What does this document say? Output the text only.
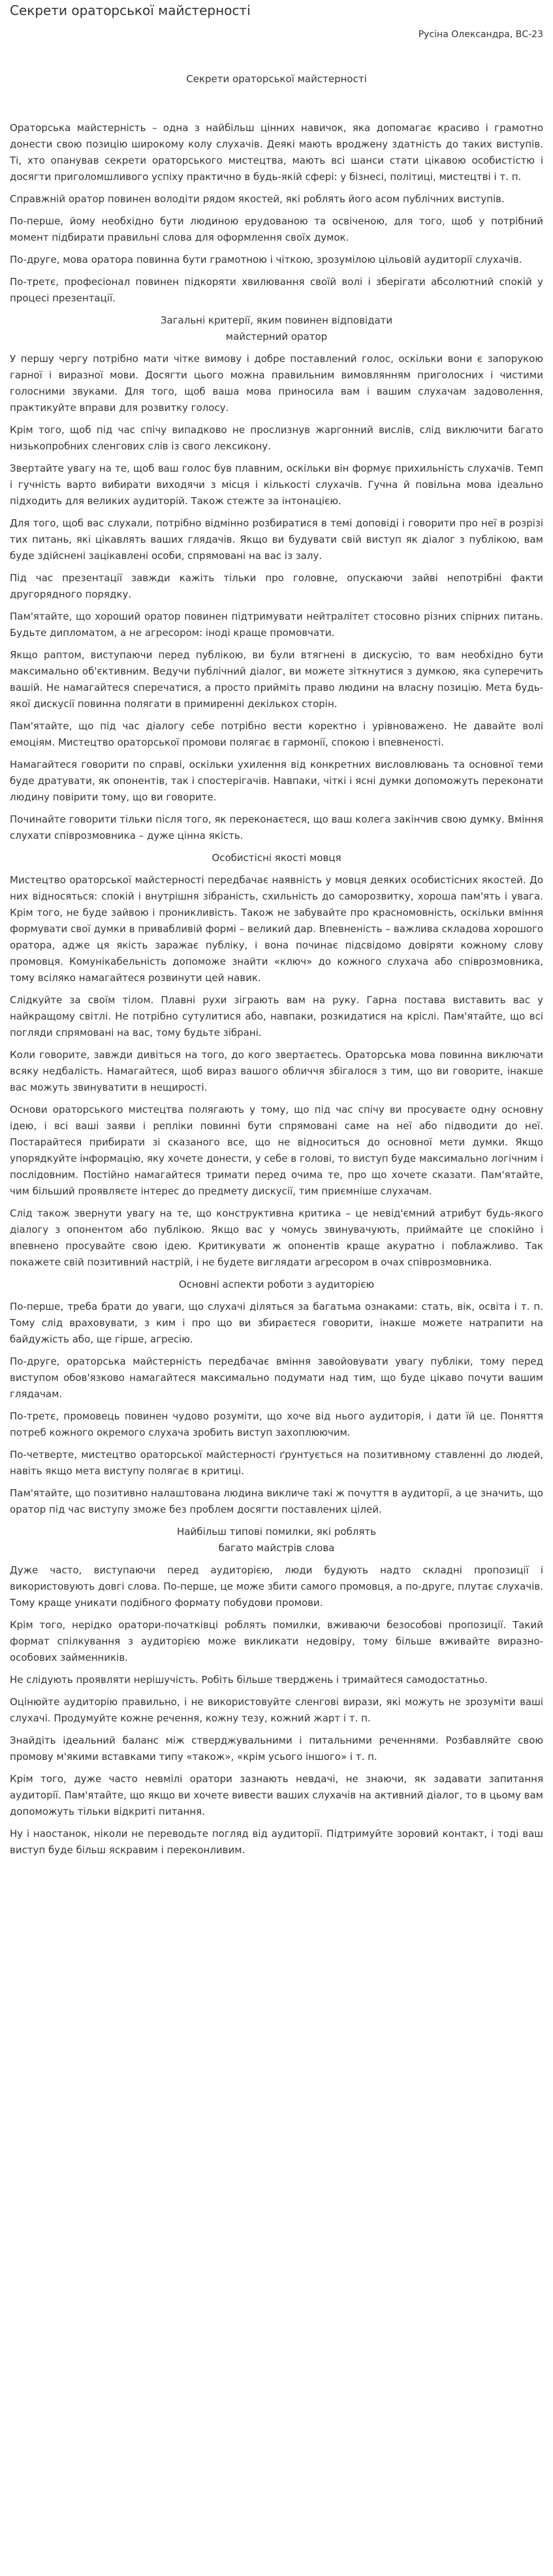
Секрети ораторської майстерності
Русіна Олександра, ВС-23
Секрети ораторської майстерності

Ораторська майстерність – одна з найбільш цінних навичок, яка допомагає красиво і грамотно донести свою позицію широкому колу слухачів. Деякі мають вроджену здатність до таких виступів. Ті, хто опанував секрети ораторського мистецтва, мають всі шанси стати цікавою особистістю і досягти приголомшливого успіху практично в будь-якій сфері: у бізнесі, політиці, мистецтві і т. п.

Справжній оратор повинен володіти рядом якостей, які роблять його асом публічних виступів.

По-перше, йому необхідно бути людиною ерудованою та освіченою, для того, щоб у потрібний момент підбирати правильні слова для оформлення своїх думок.

По-друге, мова оратора повинна бути грамотною і чіткою, зрозумілою цільовій аудиторії слухачів.

По-третє, професіонал повинен підкоряти хвилювання своїй волі і зберігати абсолютний спокій у процесі презентації.

Загальні критерії, яким повинен відповідати
майстерний оратор

У першу чергу потрібно мати чітке вимову і добре поставлений голос, оскільки вони є запорукою гарної і виразної мови. Досягти цього можна правильним вимовлянням приголосних і чистими голосними звуками. Для того, щоб ваша мова приносила вам і вашим слухачам задоволення, практикуйте вправи для розвитку голосу.

Крім того, щоб під час спічу випадково не прослизнув жаргонний вислів, слід виключити багато низькопробних сленгових слів із свого лексикону.

Звертайте увагу на те, щоб ваш голос був плавним, оскільки він формує прихильність слухачів. Темп і гучність варто вибирати виходячи з місця і кількості слухачів. Гучна й повільна мова ідеально підходить для великих аудиторій. Також стежте за інтонацією.

Для того, щоб вас слухали, потрібно відмінно розбиратися в темі доповіді і говорити про неї в розрізі тих питань, які цікавлять ваших глядачів. Якщо ви будувати свій виступ як діалог з публікою, вам буде здійснені зацікавлені особи, спрямовані на вас із залу.

Під час презентації завжди кажіть тільки про головне, опускаючи зайві непотрібні факти другорядного порядку.

Пам'ятайте, що хороший оратор повинен підтримувати нейтралітет стосовно різних спірних питань. Будьте дипломатом, а не агресором: іноді краще промовчати.

Якщо раптом, виступаючи перед публікою, ви були втягнені в дискусію, то вам необхідно бути максимально об'єктивним. Ведучи публічний діалог, ви можете зіткнутися з думкою, яка суперечить вашій. Не намагайтеся сперечатися, а просто прийміть право людини на власну позицію. Мета будь-якої дискусії повинна полягати в примиренні декількох сторін.

Пам'ятайте, що під час діалогу себе потрібно вести коректно і урівноважено. Не давайте волі емоціям. Мистецтво ораторської промови полягає в гармонії, спокою і впевненості.

Намагайтеся говорити по справі, оскільки ухилення від конкретних висловлювань та основної теми буде дратувати, як опонентів, так і спостерігачів. Навпаки, чіткі і ясні думки допоможуть переконати людину повірити тому, що ви говорите.

Починайте говорити тільки після того, як переконаєтеся, що ваш колега закінчив свою думку. Вміння слухати співрозмовника – дуже цінна якість.

Особистісні якості мовця

Мистецтво ораторської майстерності передбачає наявність у мовця деяких особистісних якостей. До них відносяться: спокій і внутрішня зібраність, схильність до саморозвитку, хороша пам'ять і увага. Крім того, не буде зайвою і проникливість. Також не забувайте про красномовність, оскільки вміння формувати свої думки в привабливій формі – великий дар. Впевненість – важлива складова хорошого оратора, адже ця якість заражає публіку, і вона починає підсвідомо довіряти кожному слову промовця. Комунікабельність допоможе знайти «ключ» до кожного слухача або співрозмовника, тому всіляко намагайтеся розвинути цей навик.

Слідкуйте за своїм тілом. Плавні рухи зіграють вам на руку. Гарна постава виставить вас у найкращому світлі. Не потрібно сутулитися або, навпаки, розкидатися на кріслі. Пам'ятайте, що всі погляди спрямовані на вас, тому будьте зібрані.

Коли говорите, завжди дивіться на того, до кого звертаєтесь. Ораторська мова повинна виключати всяку недбалість. Намагайтеся, щоб вираз вашого обличчя збігалося з тим, що ви говорите, інакше вас можуть звинуватити в нещирості.

Основи ораторського мистецтва полягають у тому, що під час спічу ви просуваєте одну основну ідею, і всі ваші заяви і репліки повинні бути спрямовані саме на неї або підводити до неї. Постарайтеся прибирати зі сказаного все, що не відноситься до основної мети думки. Якщо упорядкуйте інформацію, яку хочете донести, у себе в голові, то виступ буде максимально логічним і послідовним. Постійно намагайтеся тримати перед очима те, про що хочете сказати. Пам'ятайте, чим більший проявляєте інтерес до предмету дискусії, тим приємніше слухачам.

Слід також звернути увагу на те, що конструктивна критика – це невід'ємний атрибут будь-якого діалогу з опонентом або публікою. Якщо вас у чомусь звинувачують, приймайте це спокійно і впевнено просувайте свою ідею. Критикувати ж опонентів краще акуратно і поблажливо. Так покажете свій позитивний настрій, і не будете виглядати агресором в очах співрозмовника.

Основні аспекти роботи з аудиторією

По-перше, треба брати до уваги, що слухачі діляться за багатьма ознаками: стать, вік, освіта і т. п. Тому слід враховувати, з ким і про що ви збираєтеся говорити, інакше можете натрапити на байдужість або, ще гірше, агресію.

По-друге, ораторська майстерність передбачає вміння завойовувати увагу публіки, тому перед виступом обов'язково намагайтеся максимально подумати над тим, що буде цікаво почути вашим глядачам.

По-третє, промовець повинен чудово розуміти, що хоче від нього аудиторія, і дати їй це. Поняття потреб кожного окремого слухача зробить виступ захоплюючим.

По-четверте, мистецтво ораторської майстерності ґрунтується на позитивному ставленні до людей, навіть якщо мета виступу полягає в критиці.

Пам'ятайте, що позитивно налаштована людина викличе такі ж почуття в аудиторії, а це значить, що оратор під час виступу зможе без проблем досягти поставлених цілей.

Найбільш типові помилки, які роблять
багато майстрів слова

Дуже часто, виступаючи перед аудиторією, люди будують надто складні пропозиції і використовують довгі слова. По-перше, це може збити самого промовця, а по-друге, плутає слухачів. Тому краще уникати подібного формату побудови промови.

Крім того, нерідко оратори-початківці роблять помилки, вживаючи безособові пропозиції. Такий формат спілкування з аудиторією може викликати недовіру, тому більше вживайте виразно-особових займенників.

Не слідують проявляти нерішучість. Робіть більше тверджень і тримайтеся самодостатньо.

Оцінюйте аудиторію правильно, і не використовуйте сленгові вирази, які можуть не зрозуміти ваші слухачі. Продумуйте кожне речення, кожну тезу, кожний жарт і т. п.

Знайдіть ідеальний баланс між стверджувальними і питальними реченнями. Розбавляйте свою промову м'якими вставками типу «також», «крім усього іншого» і т. п.

Крім того, дуже часто невмілі оратори зазнають невдачі, не знаючи, як задавати запитання аудиторії. Пам'ятайте, що якщо ви хочете вивести ваших слухачів на активний діалог, то в цьому вам допоможуть тільки відкриті питання.

Ну і наостанок, ніколи не переводьте погляд від аудиторії. Підтримуйте зоровий контакт, і тоді ваш виступ буде більш яскравим і переконливим.
